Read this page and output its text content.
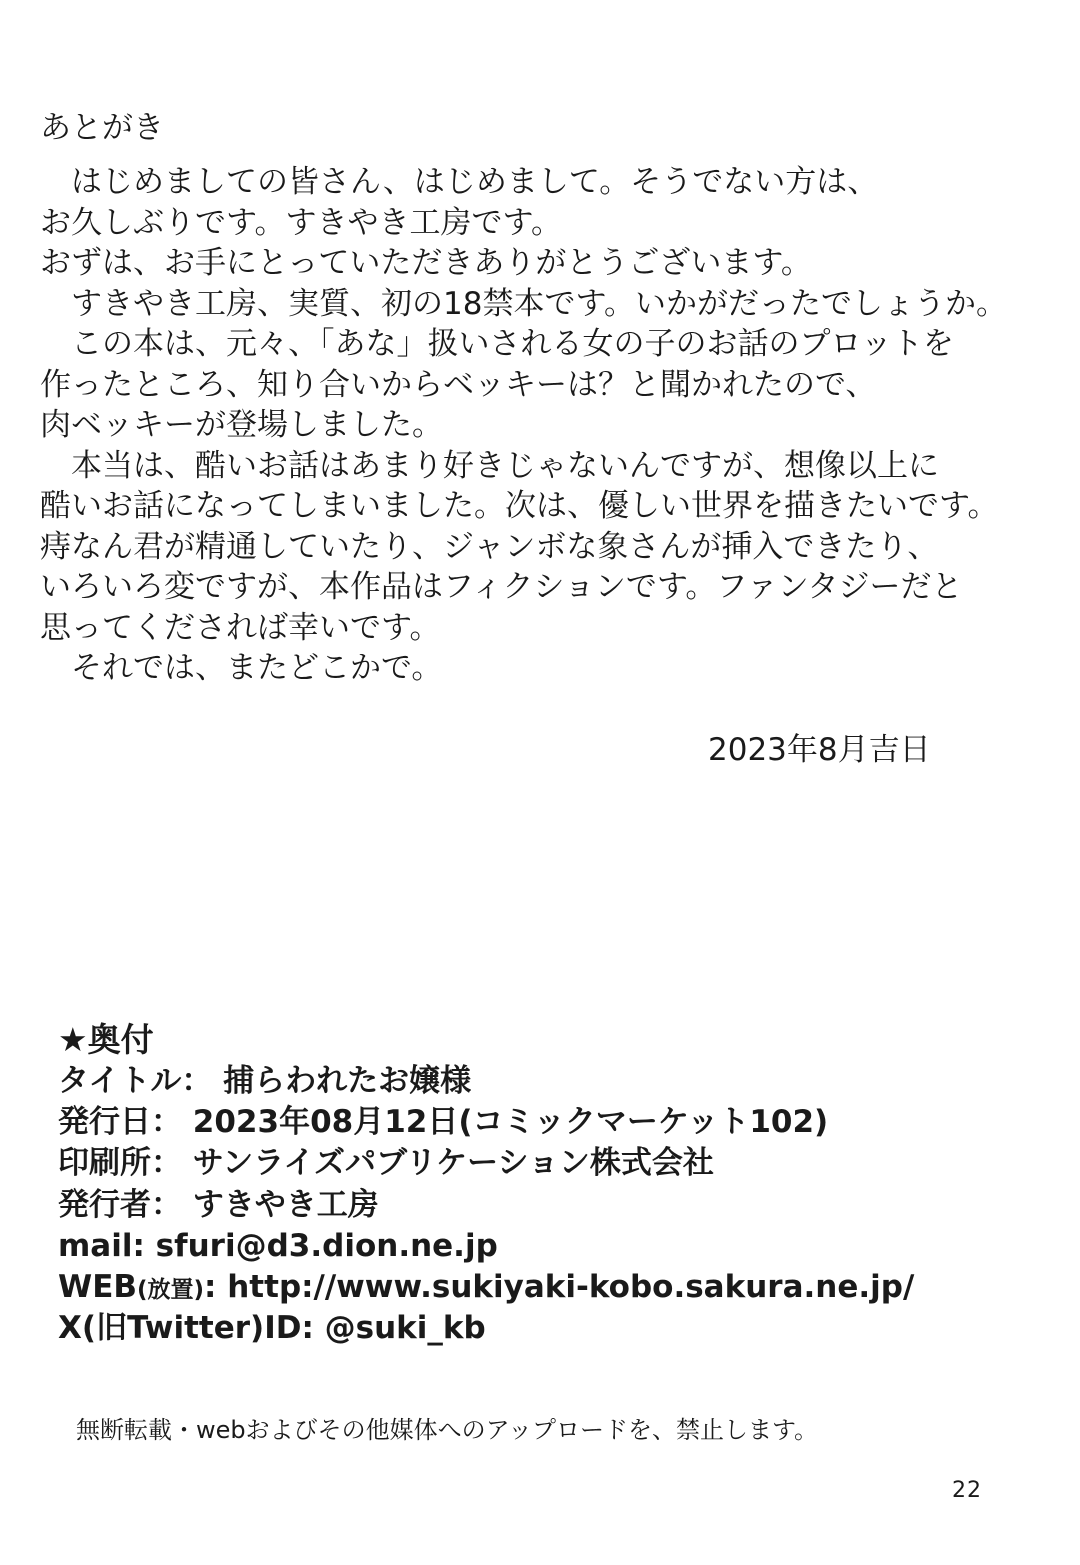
あとがき
　はじめましての皆さん、はじめまして。そうでない方は、
お久しぶりです。すきやき工房です。
おずは、お手にとっていただきありがとうございます。
　すきやき工房、実質、初の18禁本です。いかがだったでしょうか。
　この本は、元々、「あな」扱いされる女の子のお話のプロットを
作ったところ、知り合いからベッキーは？と聞かれたので、
肉ベッキーが登場しました。
　本当は、酷いお話はあまり好きじゃないんですが、想像以上に
酷いお話になってしまいました。次は、優しい世界を描きたいです。
痔なん君が精通していたり、ジャンボな象さんが挿入できたり、
いろいろ変ですが、本作品はフィクションです。ファンタジーだと
思ってくだされば幸いです。
　それでは、またどこかで。
2023年8月吉日
★奥付
タイトル： 捕らわれたお嬢様
発行日： 2023年08月12日(コミックマーケット102)
印刷所： サンライズパブリケーション株式会社
発行者： すきやき工房
mail: sfuri@d3.dion.ne.jp
WEB(放置): http://www.sukiyaki-kobo.sakura.ne.jp/
X(旧Twitter)ID: @suki_kb
無断転載・webおよびその他媒体へのアップロードを、禁止します。
22
